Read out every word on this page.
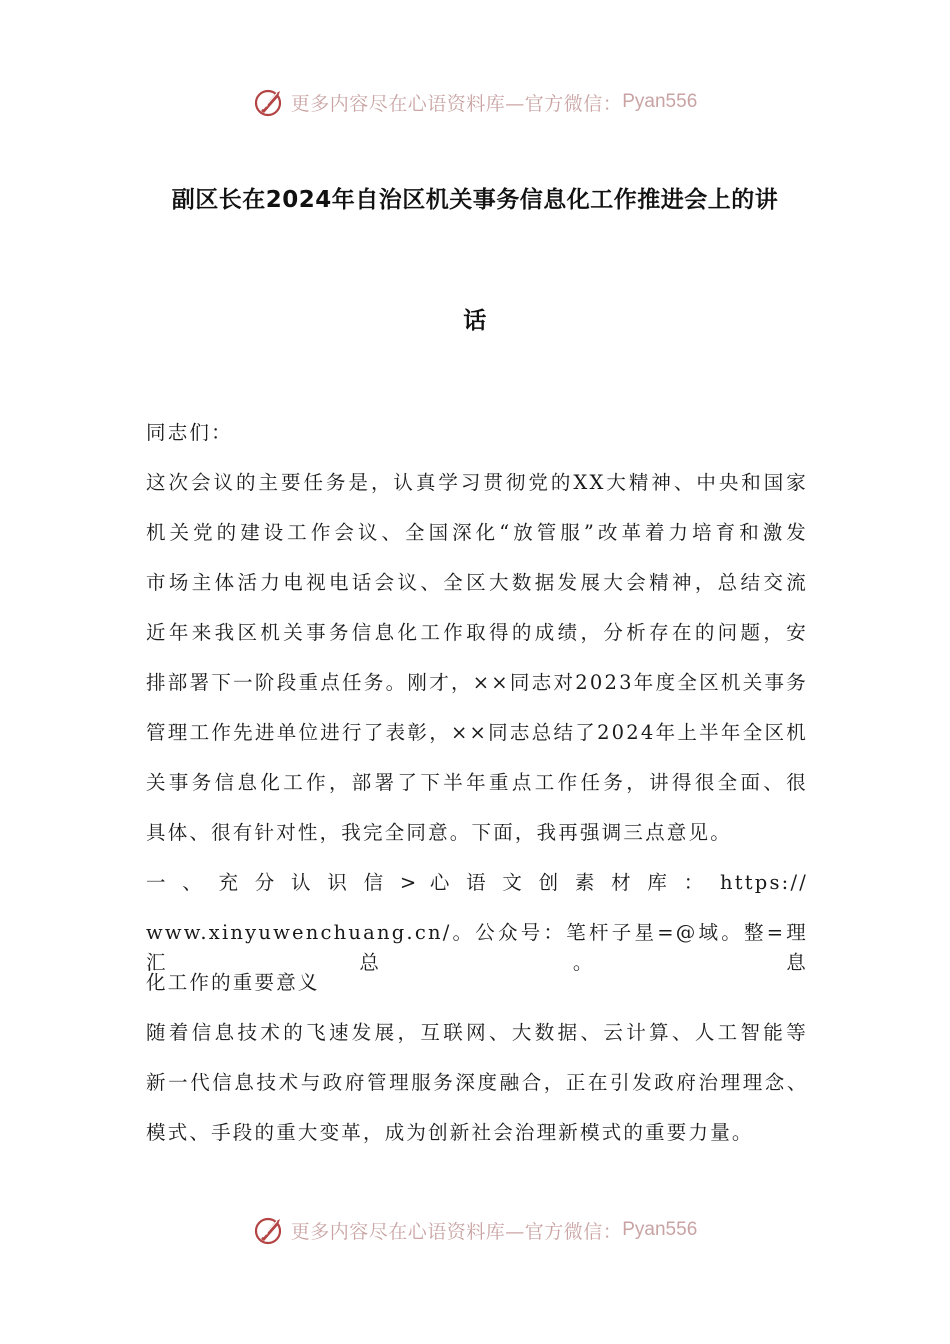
更多内容尽在心语资料库—官方微信： Pyan556
副区长在2024年自治区机关事务信息化工作推进会上的讲
话
同志们：
这次会议的主要任务是，认真学习贯彻党的XX大精神、中央和国家
机关党的建设工作会议、全国深化“放管服”改革着力培育和激发
市场主体活力电视电话会议、全区大数据发展大会精神，总结交流
近年来我区机关事务信息化工作取得的成绩，分析存在的问题，安
排部署下一阶段重点任务。刚才，××同志对2023年度全区机关事务
管理工作先进单位进行了表彰，××同志总结了2024年上半年全区机
关事务信息化工作，部署了下半年重点工作任务，讲得很全面、很
具体、很有针对性，我完全同意。下面，我再强调三点意见。
一 、 充 分 认 识 信 > 心 语 文 创 素 材 库 ： https://
www.xinyuwenchuang.cn/。公众号：笔杆子星=@域。整=理汇总。息
化工作的重要意义
随着信息技术的飞速发展，互联网、大数据、云计算、人工智能等
新一代信息技术与政府管理服务深度融合，正在引发政府治理理念、
模式、手段的重大变革，成为创新社会治理新模式的重要力量。
更多内容尽在心语资料库—官方微信： Pyan556
